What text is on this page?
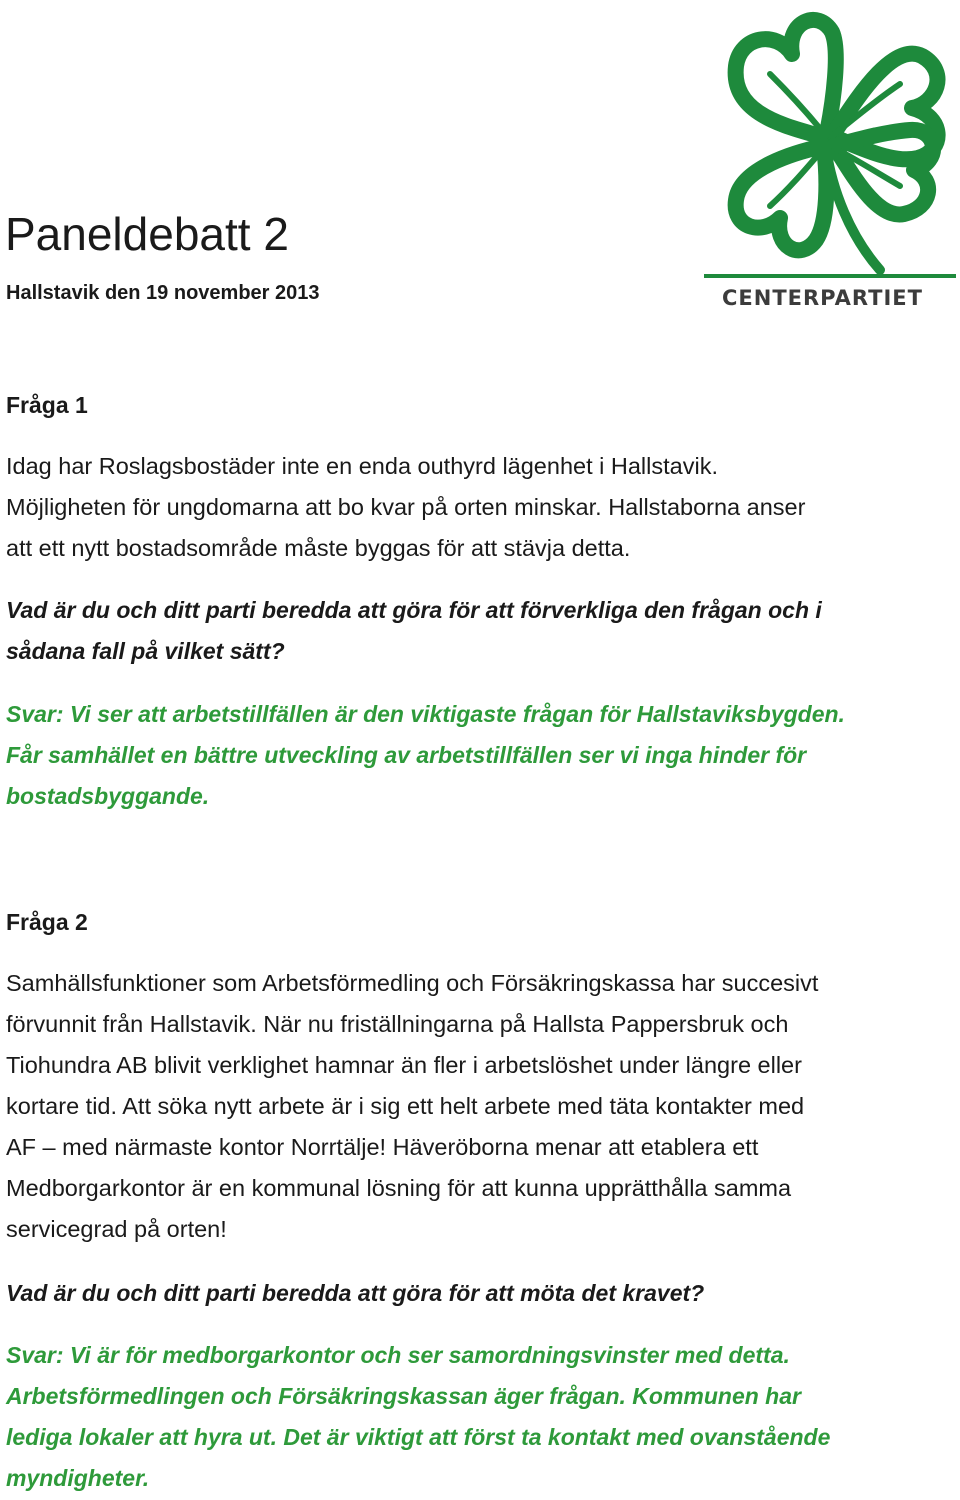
CENTERPARTIET
Paneldebatt 2

Hallstavik den 19 november 2013

Fråga 1
Idag har Roslagsbostäder inte en enda outhyrd lägenhet i Hallstavik.
Möjligheten för ungdomarna att bo kvar på orten minskar. Hallstaborna anser
att ett nytt bostadsområde måste byggas för att stävja detta.
Vad är du och ditt parti beredda att göra för att förverkliga den frågan och i
sådana fall på vilket sätt?
Svar: Vi ser att arbetstillfällen är den viktigaste frågan för Hallstaviksbygden.
Får samhället en bättre utveckling av arbetstillfällen ser vi inga hinder för
bostadsbyggande.
Fråga 2
Samhällsfunktioner som Arbetsförmedling och Försäkringskassa har succesivt
förvunnit från Hallstavik. När nu friställningarna på Hallsta Pappersbruk och
Tiohundra AB blivit verklighet hamnar än fler i arbetslöshet under längre eller
kortare tid. Att söka nytt arbete är i sig ett helt arbete med täta kontakter med
AF – med närmaste kontor Norrtälje! Häveröborna menar att etablera ett
Medborgarkontor är en kommunal lösning för att kunna upprätthålla samma
servicegrad på orten!
Vad är du och ditt parti beredda att göra för att möta det kravet?
Svar: Vi är för medborgarkontor och ser samordningsvinster med detta.
Arbetsförmedlingen och Försäkringskassan äger frågan. Kommunen har
lediga lokaler att hyra ut. Det är viktigt att först ta kontakt med ovanstående
myndigheter.
